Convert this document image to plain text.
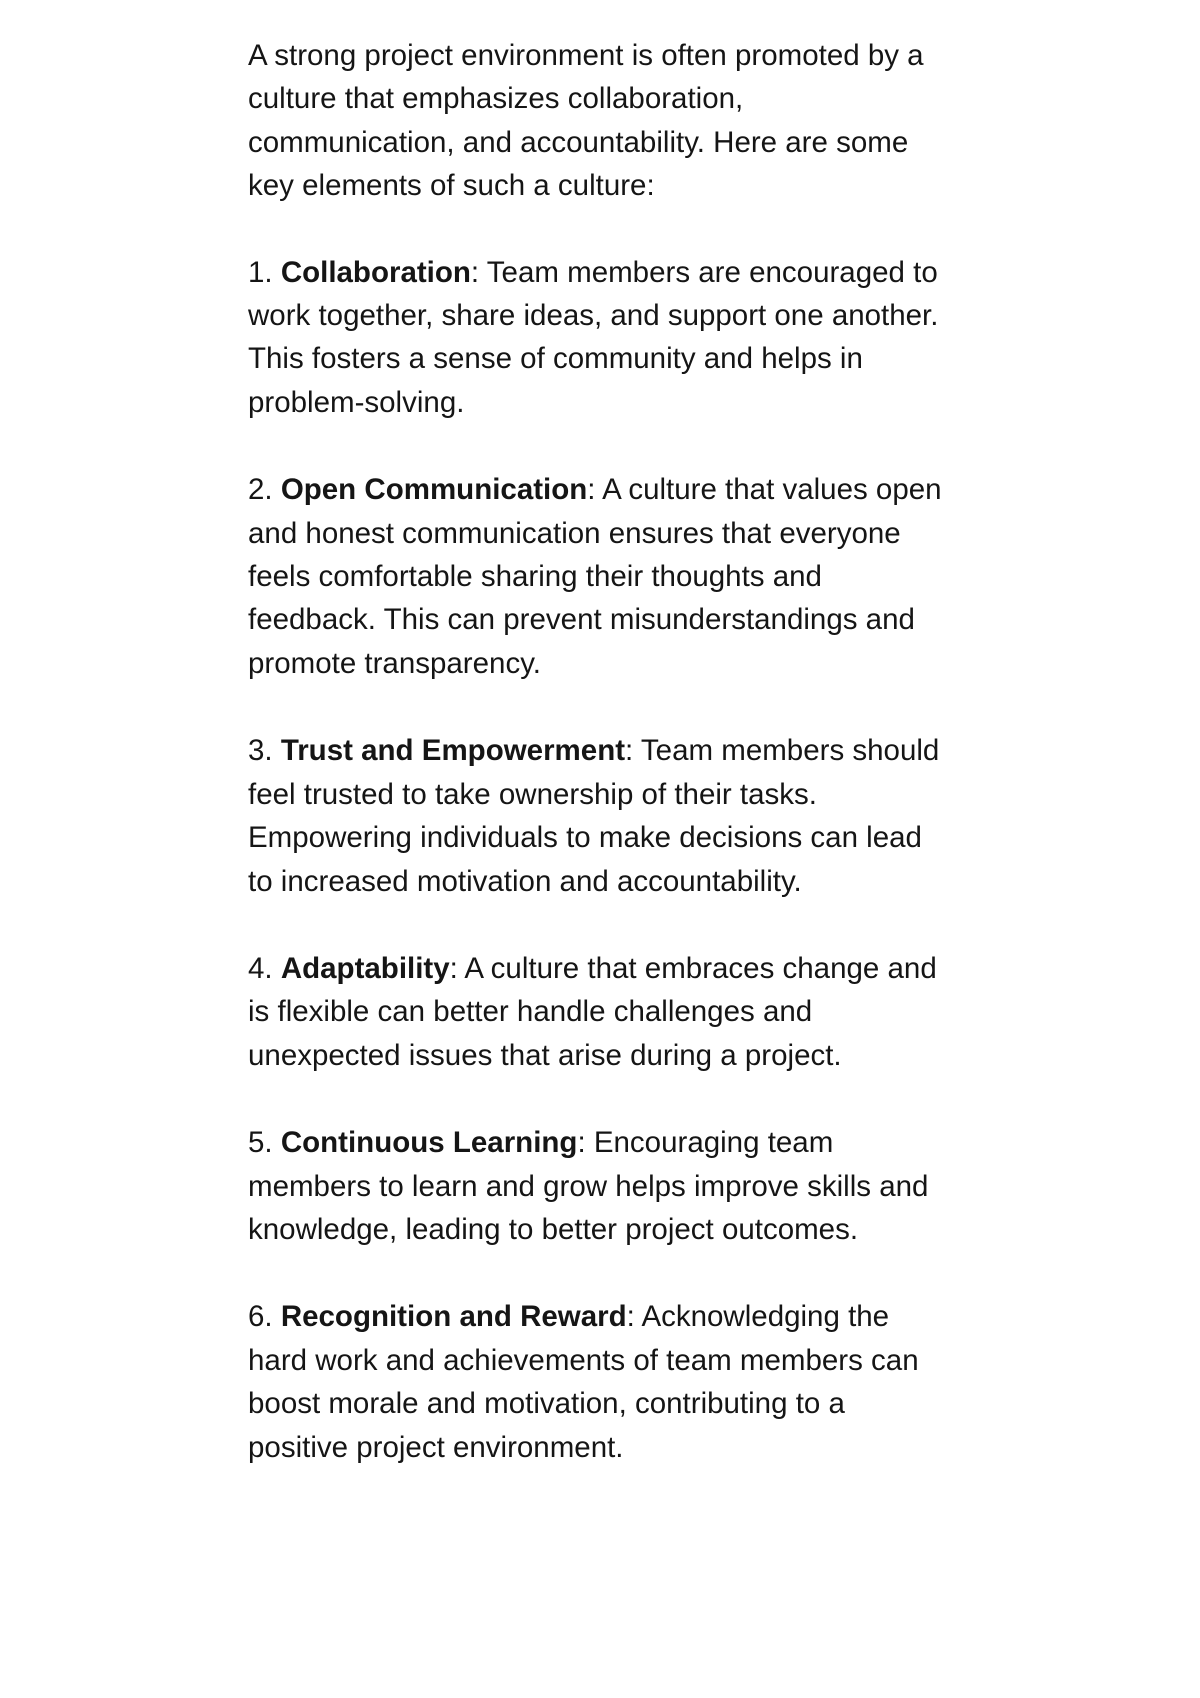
A strong project environment is often promoted by a culture that emphasizes collaboration, communication, and accountability. Here are some key elements of such a culture:

1. Collaboration: Team members are encouraged to work together, share ideas, and support one another. This fosters a sense of community and helps in problem-solving.
2. Open Communication: A culture that values open and honest communication ensures that everyone feels comfortable sharing their thoughts and feedback. This can prevent misunderstandings and promote transparency.
3. Trust and Empowerment: Team members should feel trusted to take ownership of their tasks. Empowering individuals to make decisions can lead to increased motivation and accountability.
4. Adaptability: A culture that embraces change and is flexible can better handle challenges and unexpected issues that arise during a project.
5. Continuous Learning: Encouraging team members to learn and grow helps improve skills and knowledge, leading to better project outcomes.
6. Recognition and Reward: Acknowledging the hard work and achievements of team members can boost morale and motivation, contributing to a positive project environment.
